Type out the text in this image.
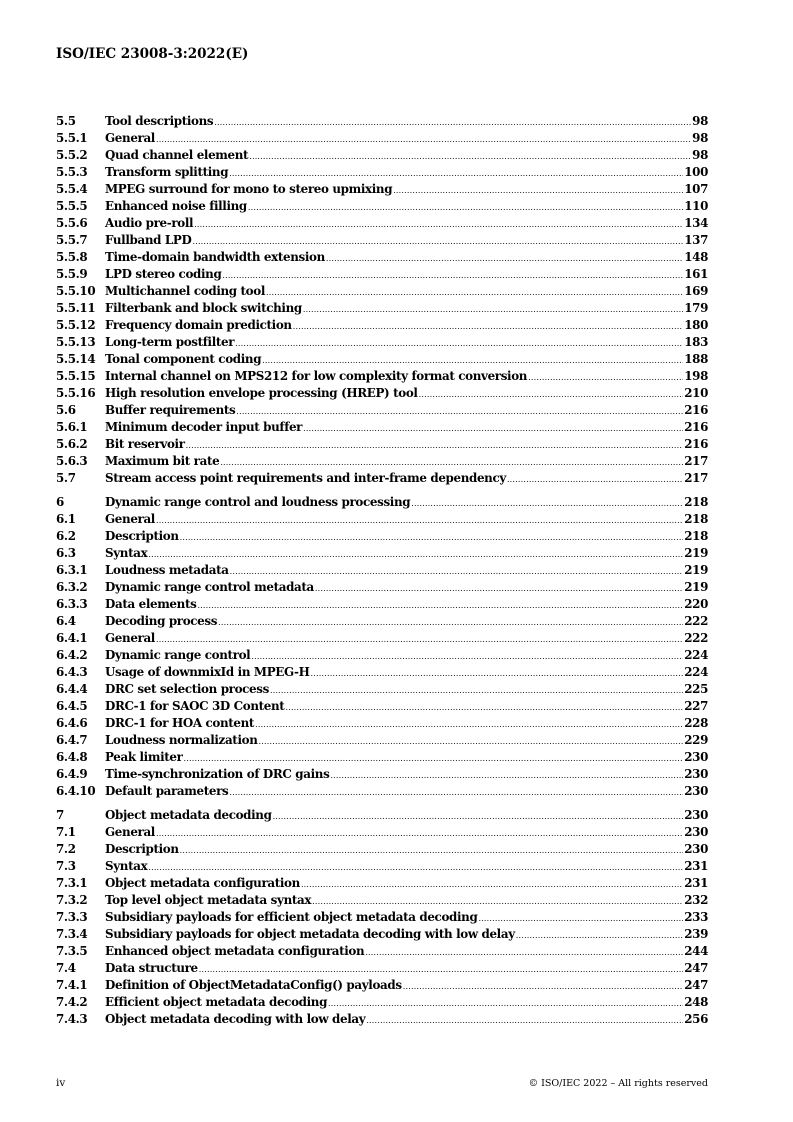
ISO/IEC 23008-3:2022(E)
5.5	Tool descriptions .....	98
5.5.1	General .....	98
5.5.2	Quad channel element .....	98
5.5.3	Transform splitting .....	100
5.5.4	MPEG surround for mono to stereo upmixing .....	107
5.5.5	Enhanced noise filling .....	110
5.5.6	Audio pre-roll .....	134
5.5.7	Fullband LPD .....	137
5.5.8	Time-domain bandwidth extension .....	148
5.5.9	LPD stereo coding .....	161
5.5.10 Multichannel coding tool .....	169
5.5.11 Filterbank and block switching .....	179
5.5.12 Frequency domain prediction .....	180
5.5.13 Long-term postfilter .....	183
5.5.14 Tonal component coding .....	188
5.5.15 Internal channel on MPS212 for low complexity format conversion .....	198
5.5.16 High resolution envelope processing (HREP) tool .....	210
5.6	Buffer requirements .....	216
5.6.1	Minimum decoder input buffer .....	216
5.6.2	Bit reservoir .....	216
5.6.3	Maximum bit rate .....	217
5.7	Stream access point requirements and inter-frame dependency .....	217
6	Dynamic range control and loudness processing .....	218
6.1	General .....	218
6.2	Description .....	218
6.3	Syntax .....	219
6.3.1	Loudness metadata .....	219
6.3.2	Dynamic range control metadata .....	219
6.3.3	Data elements .....	220
6.4	Decoding process .....	222
6.4.1	General .....	222
6.4.2	Dynamic range control .....	224
6.4.3	Usage of downmixId in MPEG-H .....	224
6.4.4	DRC set selection process .....	225
6.4.5	DRC-1 for SAOC 3D Content .....	227
6.4.6	DRC-1 for HOA content .....	228
6.4.7	Loudness normalization .....	229
6.4.8	Peak limiter .....	230
6.4.9	Time-synchronization of DRC gains .....	230
6.4.10 Default parameters .....	230
7	Object metadata decoding .....	230
7.1	General .....	230
7.2	Description .....	230
7.3	Syntax .....	231
7.3.1	Object metadata configuration .....	231
7.3.2	Top level object metadata syntax .....	232
7.3.3	Subsidiary payloads for efficient object metadata decoding .....	233
7.3.4	Subsidiary payloads for object metadata decoding with low delay .....	239
7.3.5	Enhanced object metadata configuration .....	244
7.4	Data structure .....	247
7.4.1	Definition of ObjectMetadataConfig() payloads .....	247
7.4.2	Efficient object metadata decoding .....	248
7.4.3	Object metadata decoding with low delay .....	256
iv	© ISO/IEC 2022 – All rights reserved
